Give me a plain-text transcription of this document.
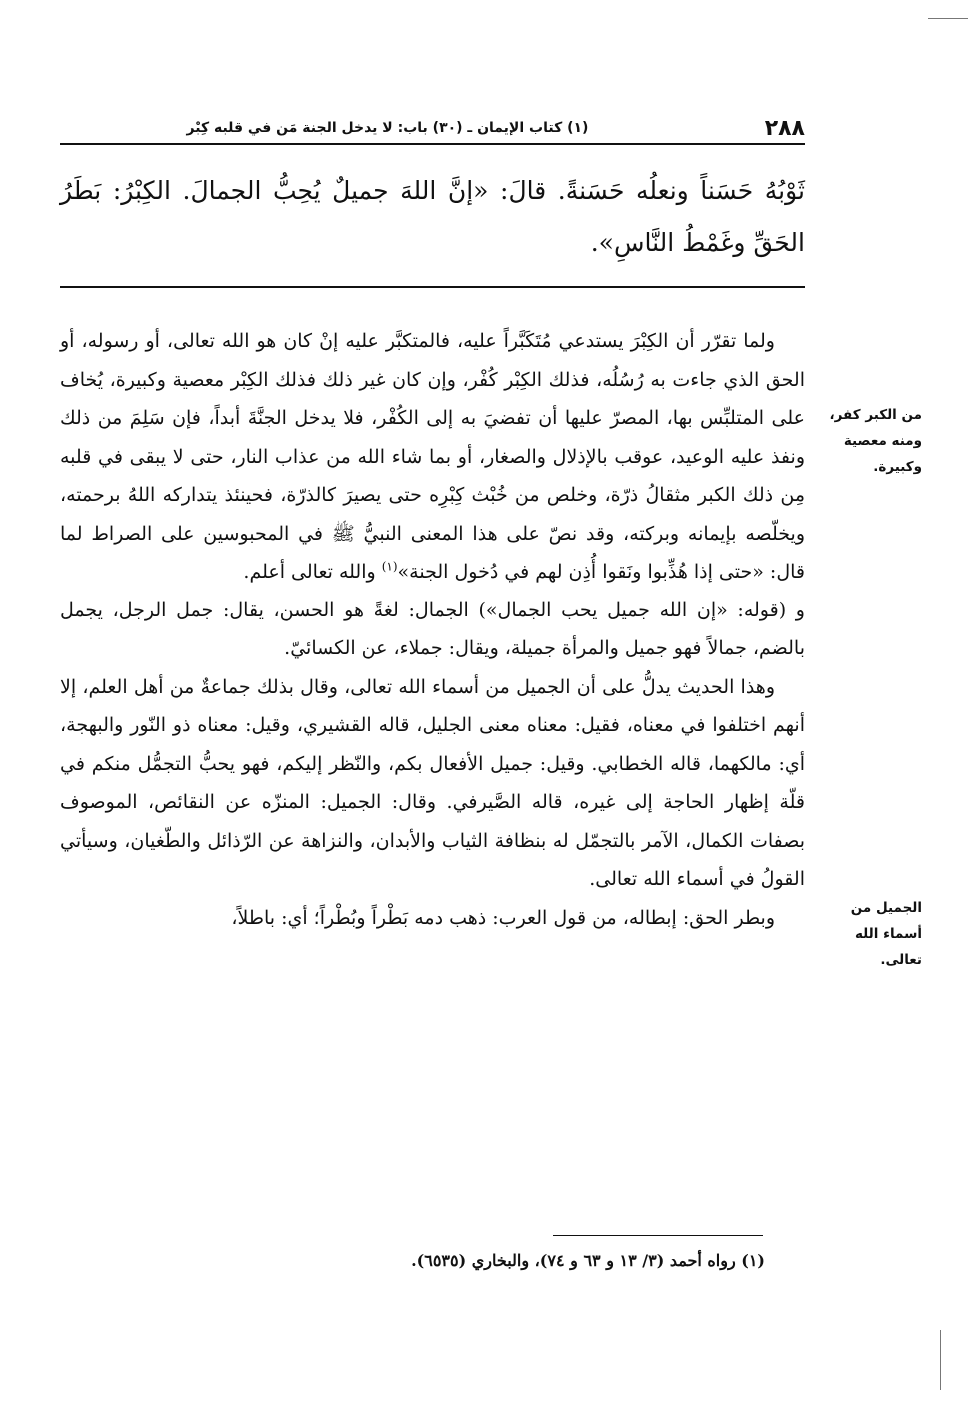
٢٨٨
(١) كتاب الإيمان ـ (٣٠) باب: لا يدخل الجنة مَن في قلبه كِبْر
ثَوْبُهُ حَسَناً ونعلُه حَسَنةً. قالَ: «إنَّ اللهَ جميلٌ يُحِبُّ الجمالَ. الكِبْرُ: بَطَرُ الحَقِّ وغَمْطُ النَّاسِ».

ولما تقرّر أن الكِبْرَ يستدعي مُتَكَبَّراً عليه، فالمتكبَّر عليه إنْ كان هو الله تعالى، أو رسوله، أو الحق الذي جاءت به رُسُلُه، فذلك الكِبْر كُفْر، وإن كان غير ذلك فذلك الكِبْر معصية وكبيرة، يُخاف على المتلبِّس بها، المصرّ عليها أن تفضيَ به إلى الكُفْر، فلا يدخل الجنَّةَ أبداً، فإن سَلِمَ من ذلك ونفذ عليه الوعيد، عوقب بالإذلال والصغار، أو بما شاء الله من عذاب النار، حتى لا يبقى في قلبه مِن ذلك الكبر مثقالُ ذرّة، وخلص من خُبْث كِبْرِه حتى يصيرَ كالذرّة، فحينئذ يتداركه اللهُ برحمته، ويخلّصه بإيمانه وبركته، وقد نصّ على هذا المعنى النبيُّ ﷺ في المحبوسين على الصراط لما قال: «حتى إذا هُذِّبوا ونَقوا أُذِن لهم في دُخول الجنة»$^{(١)}$ والله تعالى أعلم.

و (قوله: «إن الله جميل يحب الجمال») الجمال: لغةً هو الحسن، يقال: جمل الرجل، يجمل بالضم، جمالاً فهو جميل والمرأة جميلة، ويقال: جملاء، عن الكسائيّ.

وهذا الحديث يدلُّ على أن الجميل من أسماء الله تعالى، وقال بذلك جماعةٌ من أهل العلم، إلا أنهم اختلفوا في معناه، فقيل: معناه معنى الجليل، قاله القشيري، وقيل: معناه ذو النّور والبهجة، أي: مالكهما، قاله الخطابي. وقيل: جميل الأفعال بكم، والنّظر إليكم، فهو يحبُّ التجمُّل منكم في قلّة إظهار الحاجة إلى غيره، قاله الصَّيرفي. وقال: الجميل: المنزّه عن النقائص، الموصوف بصفات الكمال، الآمر بالتجمّل له بنظافة الثياب والأبدان، والنزاهة عن الرّذائل والطّغيان، وسيأتي القولُ في أسماء الله تعالى.

وبطر الحق: إبطاله، من قول العرب: ذهب دمه بَطْراً وبُطْراً؛ أي: باطلاً،

من الكبر كفر، ومنه معصية وكبيرة.
الجميل من أسماء الله تعالى.
(١) رواه أحمد (٣/ ١٣ و ٦٣ و ٧٤)، والبخاري (٦٥٣٥).
